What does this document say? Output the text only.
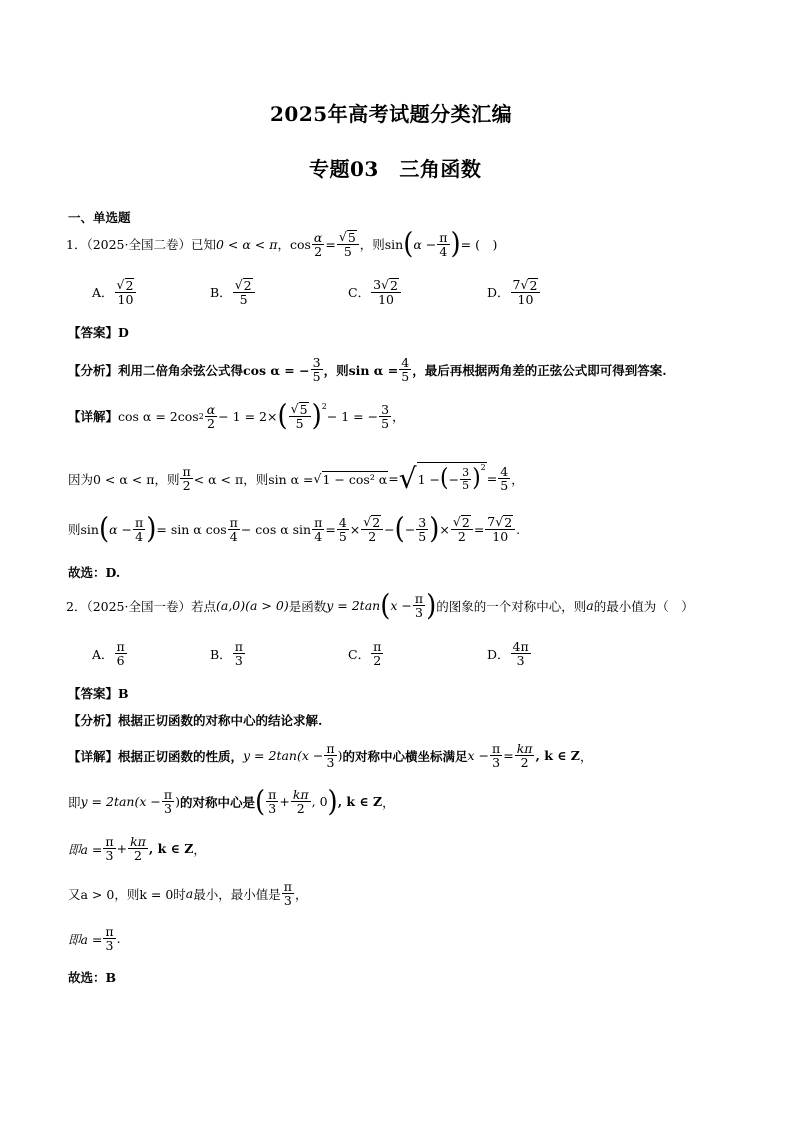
2025年高考试题分类汇编
专题03　三角函数
一、单选题
1．（2025·全国二卷）已知 0 < α < π ，$\cos \frac{\alpha}{2} = \frac{√ 5}{5}$ ，则sin ( $\alpha - \frac{\pi}{4}$ ) = (　)
A． $\frac{√ 2}{10}$	B． $\frac{√ 2}{5}$	C． $\frac{3 √ 2}{10}$	D． $\frac{7 √ 2}{10}$
【答案】D
【分析】利用二倍角余弦公式得cos α = − $\frac{3}{5}$ ，则$\sin \alpha = \frac{4}{5}$ ，最后再根据两角差的正弦公式即可得到答案.
【详解】 cos α = 2cos $2 \frac{\alpha}{2} - 1 = 2\times$ ( $\frac{√ 5}{5} )^2$
− 1 = − $\frac{3}{5}$ ，
因为0 < α < π，则 $\frac{\pi}{2} < \alpha < \pi$，则sin α = √ 1 − cos² α = √ 1 − ( − $\frac{3}{5} )^2$
= $\frac{4}{5}$ ，
则sin ( $\alpha - \frac{\pi}{4}$ ) = sin α $\cos \frac{\pi}{4} - \cos \alpha$ $\sin \frac{\pi}{4} = \frac{4}{5} \times \frac{√ 2}{2}$ − ( − $\frac{3}{5}$ ) × $\frac{√ 2}{2} = \frac{7 √ 2}{10}$ .
故选：D.
2．（2025·全国一卷）若点 (a,0)(a > 0) 是函数 y = 2tan ( $x - \frac{\pi}{3}$ ) 的图象的一个对称中心，则 a 的最小值为（　）
A． $\frac{\pi}{6}$	B． $\frac{\pi}{3}$	C． $\frac{\pi}{2}$	D． $\frac{4\pi}{3}$
【答案】B
【分析】根据正切函数的对称中心的结论求解.
【详解】根据正切函数的性质， $y = 2\tan(x - \frac{\pi}{3}$ ) 的对称中心横坐标满足 $x - \frac{\pi}{3} = \frac{k\pi}{2}$ , k ∈ Z ，
即 $y = 2\tan(x - \frac{\pi}{3}$ ) 的对称中心是 ( $\frac{\pi}{3} + \frac{k\pi}{2}$ , 0 ) , k ∈ Z ，
即$a = \frac{\pi}{3} + \frac{k\pi}{2}$ , k ∈ Z ，
又a > 0，则k = 0时 a 最小，最小值是 $\frac{\pi}{3}$ ，
即$a = \frac{\pi}{3}$ .
故选：B
